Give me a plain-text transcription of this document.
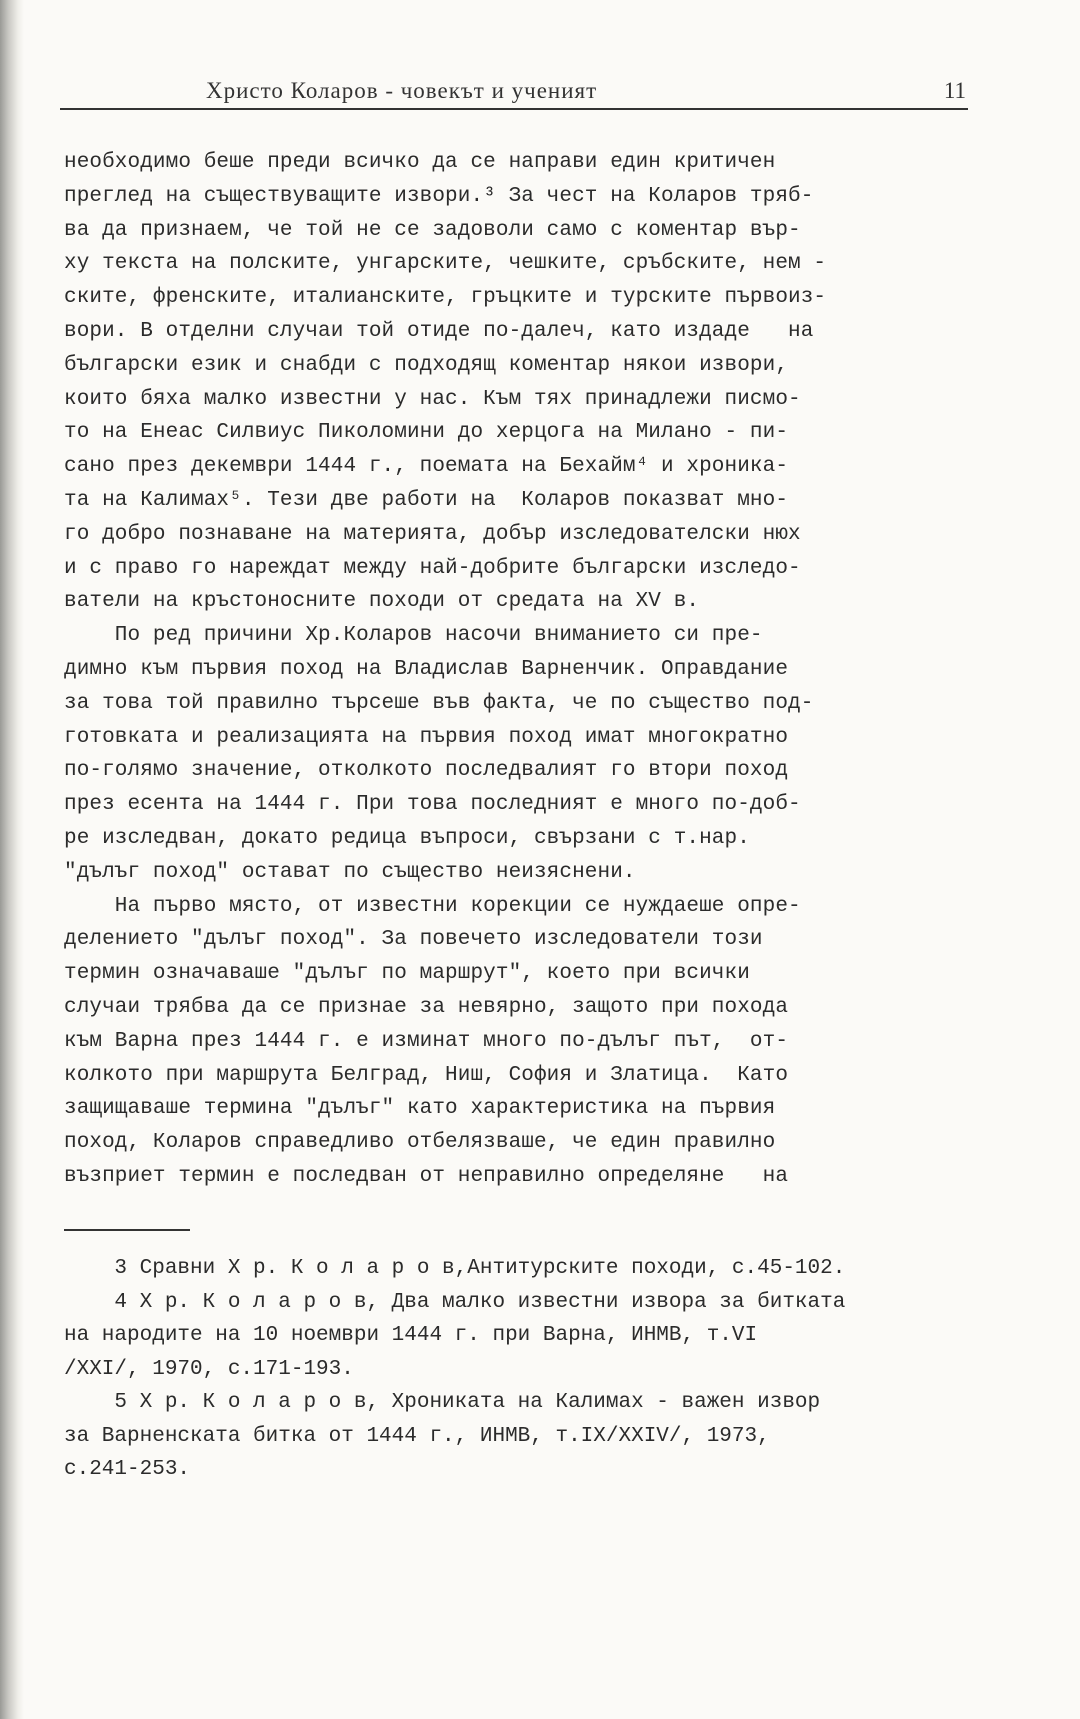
Христо Коларов - човекът и ученият	11
необходимо беше преди всичко да се направи един критичен
преглед на съществуващите извори.³ За чест на Коларов тряб-
ва да признаем, че той не се задоволи само с коментар вър-
ху текста на полските, унгарските, чешките, сръбските, нем -
ските, френските, италианските, гръцките и турските първоиз-
вори. В отделни случаи той отиде по-далеч, като издаде   на
български език и снабди с подходящ коментар някои извори,
които бяха малко известни у нас. Към тях принадлежи писмо-
то на Енеас Силвиус Пиколомини до херцога на Милано - пи-
сано през декември 1444 г., поемата на Бехайм⁴ и хроника-
та на Калимах⁵. Тези две работи на  Коларов показват мно-
го добро познаване на материята, добър изследователски нюх
и с право го нареждат между най-добрите български изследо-
ватели на кръстоносните походи от средата на XV в.
По ред причини Хр.Коларов насочи вниманието си пре-
димно към първия поход на Владислав Варненчик. Оправдание
за това той правилно търсеше във факта, че по същество под-
готовката и реализацията на първия поход имат многократно
по-голямо значение, отколкото последвалият го втори поход
през есента на 1444 г. При това последният е много по-доб-
ре изследван, докато редица въпроси, свързани с т.нар.
"дълъг поход" остават по същество неизяснени.
На първо място, от известни корекции се нуждаеше опре-
делението "дълъг поход". За повечето изследователи този
термин означаваше "дълъг по маршрут", което при всички
случаи трябва да се признае за невярно, защото при похода
към Варна през 1444 г. е изминат много по-дълъг път,  от-
колкото при маршрута Белград, Ниш, София и Златица.  Като
защищаваше термина "дълъг" като характеристика на първия
поход, Коларов справедливо отбелязваше, че един правилно
възприет термин е последван от неправилно определяне   на
3 Сравни Х р. К о л а р о в,Антитурските походи, с.45-102.
4 Х р. К о л а р о в, Два малко известни извора за битката
на народите на 10 ноември 1444 г. при Варна, ИНМВ, т.VI
/XXI/, 1970, с.171-193.
5 Х р. К о л а р о в, Хрониката на Калимах - важен извор
за Варненската битка от 1444 г., ИНМВ, т.IX/XXIV/, 1973,
с.241-253.
